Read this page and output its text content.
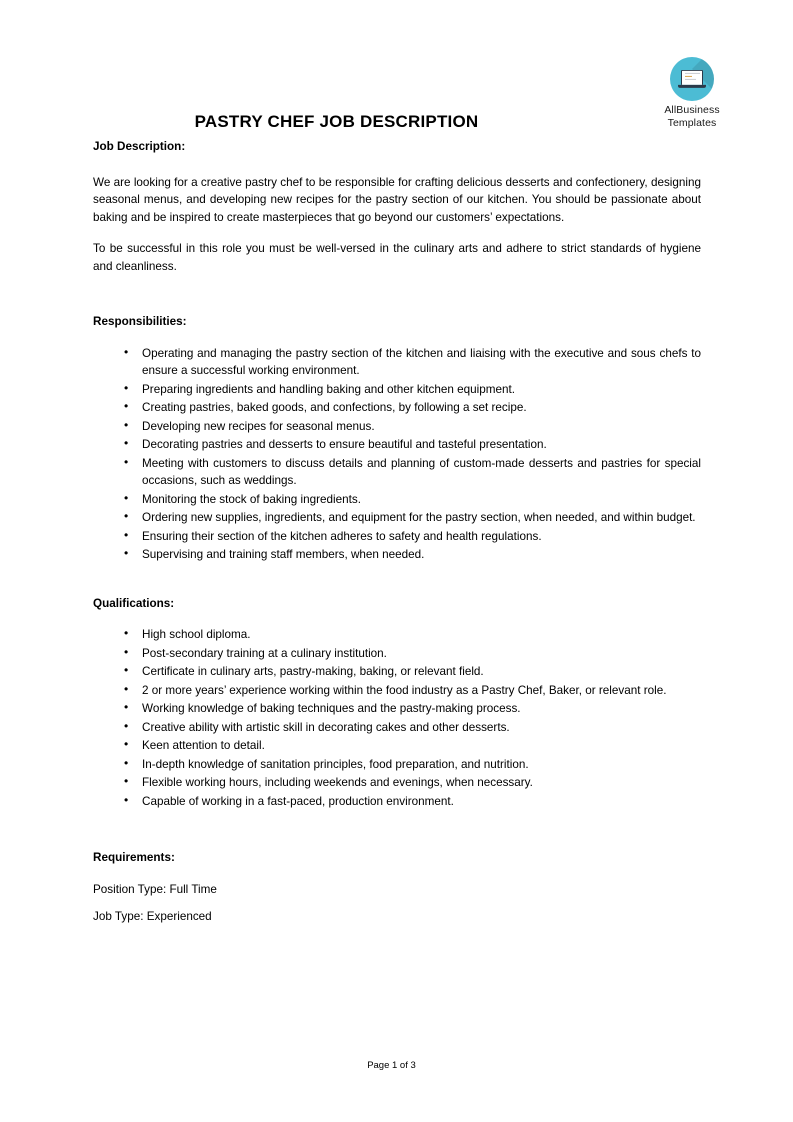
AllBusiness
Templates
PASTRY CHEF JOB DESCRIPTION
Job Description:

We are looking for a creative pastry chef to be responsible for crafting delicious desserts and confectionery, designing seasonal menus, and developing new recipes for the pastry section of our kitchen. You should be passionate about baking and be inspired to create masterpieces that go beyond our customers’ expectations.

To be successful in this role you must be well-versed in the culinary arts and adhere to strict standards of hygiene and cleanliness.

Responsibilities:
• Operating and managing the pastry section of the kitchen and liaising with the executive and sous chefs to ensure a successful working environment.
• Preparing ingredients and handling baking and other kitchen equipment.
• Creating pastries, baked goods, and confections, by following a set recipe.
• Developing new recipes for seasonal menus.
• Decorating pastries and desserts to ensure beautiful and tasteful presentation.
• Meeting with customers to discuss details and planning of custom-made desserts and pastries for special occasions, such as weddings.
• Monitoring the stock of baking ingredients.
• Ordering new supplies, ingredients, and equipment for the pastry section, when needed, and within budget.
• Ensuring their section of the kitchen adheres to safety and health regulations.
• Supervising and training staff members, when needed.
Qualifications:
• High school diploma.
• Post-secondary training at a culinary institution.
• Certificate in culinary arts, pastry-making, baking, or relevant field.
• 2 or more years’ experience working within the food industry as a Pastry Chef, Baker, or relevant role.
• Working knowledge of baking techniques and the pastry-making process.
• Creative ability with artistic skill in decorating cakes and other desserts.
• Keen attention to detail.
• In-depth knowledge of sanitation principles, food preparation, and nutrition.
• Flexible working hours, including weekends and evenings, when necessary.
• Capable of working in a fast-paced, production environment.
Requirements:

Position Type: Full Time

Job Type: Experienced

Page 1 of 3
